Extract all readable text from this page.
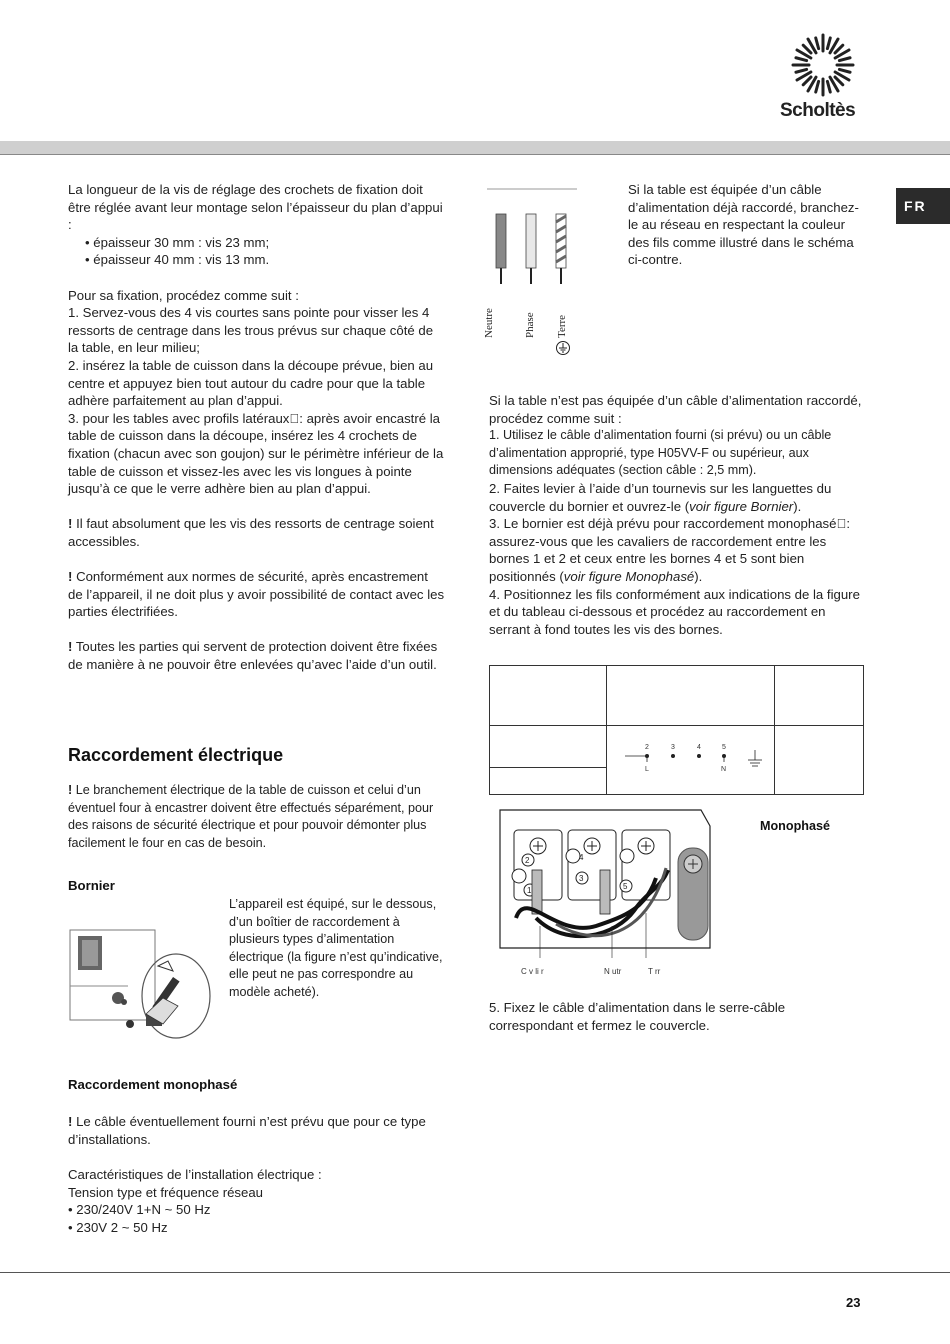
Scholtès
FR

La longueur de la vis de réglage des crochets de fixation doit être réglée avant leur montage selon l’épaisseur du plan d’appui :

• épaisseur 30 mm : vis 23 mm;

• épaisseur 40 mm : vis 13 mm.

Pour sa fixation, procédez comme suit :

1. Servez-vous des 4 vis courtes sans pointe pour visser les 4 ressorts de centrage dans les trous prévus sur chaque côté de la table, en leur milieu;

2. insérez la table de cuisson dans la découpe prévue, bien au centre et appuyez bien tout autour du cadre pour que la table adhère parfaitement au plan d’appui.

3. pour les tables avec profils latéraux : après avoir encastré la table de cuisson dans la découpe, insérez les 4 crochets de fixation (chacun avec son goujon) sur le périmètre inférieur de la table de cuisson et vissez-les avec les vis longues à pointe jusqu’à ce que le verre adhère bien au plan d’appui.

! Il faut absolument que les vis des ressorts de centrage soient accessibles.

! Conformément aux normes de sécurité, après encastrement de l’appareil, il ne doit plus y avoir possibilité de contact avec les parties électrifiées.

! Toutes les parties qui servent de protection doivent être fixées de manière à ne pouvoir être enlevées qu’avec l’aide d’un outil.

Raccordement électrique
! Le branchement électrique de la table de cuisson et celui d’un éventuel four à encastrer doivent être effectués séparément, pour des raisons de sécurité électrique et pour pouvoir démonter plus facilement le four en cas de besoin.
Bornier
L’appareil est équipé, sur le dessous, d’un boîtier de raccordement à plusieurs types d’alimentation électrique (la figure n’est qu’indicative, elle peut ne pas correspondre au modèle acheté).
Raccordement monophasé
! Le câble éventuellement fourni n’est prévu que pour ce type d’installations.

Caractéristiques de l’installation électrique :

Tension type et fréquence réseau

• 230/240V 1+N ~ 50 Hz

• 230V 2 ~ 50 Hz

Neutre	Phase Terre
Si la table est équipée d’un câble d’alimentation déjà raccordé, branchez-le au réseau en respectant la couleur des fils comme illustré dans le schéma ci-contre.

Si la table n’est pas équipée d’un câble d’alimentation raccordé, procédez comme suit :

1. Utilisez le câble d’alimentation fourni (si prévu) ou un câble d’alimentation approprié, type H05VV-F ou supérieur, aux dimensions adéquates (section câble : 2,5 mm).

2. Faites levier à l’aide d’un tournevis sur les languettes du couvercle du bornier et ouvrez-le (voir figure Bornier).

3. Le bornier est déjà prévu pour raccordement monophasé : assurez-vous que les cavaliers de raccordement entre les bornes 1 et 2 et ceux entre les bornes 4 et 5 sont bien positionnés (voir figure Monophasé).

4. Positionnez les fils conformément aux indications de la figure et du tableau ci-dessous et procédez au raccordement en serrant à fond toutes les vis des bornes.

2	3	4	5
L	N
Monophasé
2
1
4
3
5
C v li r	N utr	T rr
5. Fixez le câble d’alimentation dans le serre-câble correspondant et fermez le couvercle.
23
